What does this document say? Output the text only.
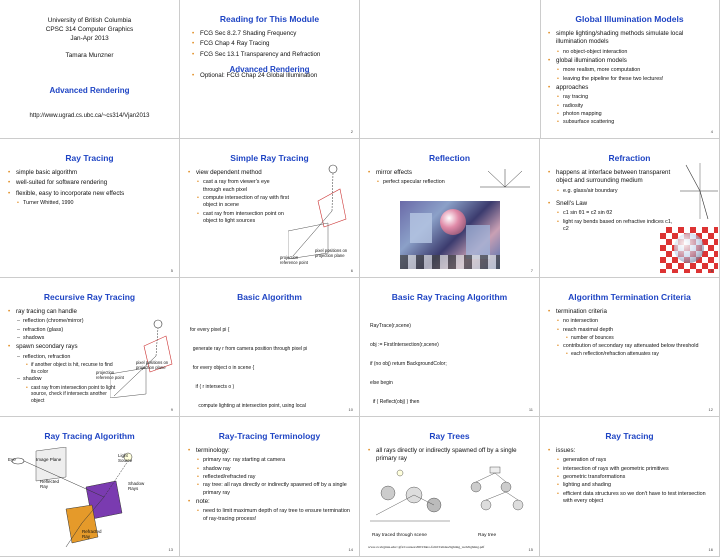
University of British Columbia
CPSC 314 Computer Graphics
Jan-Apr 2013
Tamara Munzner
Advanced Rendering
http://www.ugrad.cs.ubc.ca/~cs314/Vjan2013
Reading for This Module
• FCG Sec 8.2.7 Shading Frequency
• FCG Chap 4 Ray Tracing
• FCG Sec 13.1 Transparency and Refraction
Advanced Rendering
• Optional: FCG Chap 24 Global Illumination
2
Global Illumination Models
• simple lighting/shading methods simulate local illumination models
• no object-object interaction
• global illumination models
• more realism, more computation
• leaving the pipeline for these two lectures!
• approaches
• ray tracing
• radiosity
• photon mapping
• subsurface scattering
4
Ray Tracing
• simple basic algorithm
• well-suited for software rendering
• flexible, easy to incorporate new effects
• Turner Whitted, 1990
5
Simple Ray Tracing
• view dependent method
• cast a ray from viewer's eye through each pixel
• compute intersection of ray with first object in scene
• cast ray from intersection point on object to light sources
pixel positions on projection plane
projection reference point
6
Reflection
• mirror effects
• perfect specular reflection
7
Refraction
• happens at interface between transparent object and surrounding medium
• e.g. glass/air boundary
• Snell's Law
• c1 sin θ1 = c2 sin θ2
• light ray bends based on refractive indices c1, c2
8
Recursive Ray Tracing
• ray tracing can handle
– reflection (chrome/mirror)
– refraction (glass)
– shadows
• spawn secondary rays
– reflection, refraction
• if another object is hit, recurse to find its color
– shadow
• cast ray from intersection point to light source, check if intersects another object
pixel positions on projection plane
projection reference point
9
Basic Algorithm

for every pixel pi {

generate ray r from camera position through pixel pi

for every object o in scene {

if ( r intersects o )

compute lighting at intersection point, using local

10
Basic Ray Tracing Algorithm

RayTrace(r,scene)

obj := FirstIntersection(r,scene)

if (no obj) return BackgroundColor;

else begin

if ( Reflect(obj) ) then

11
Algorithm Termination Criteria
• termination criteria
• no intersection
• reach maximal depth
• number of bounces
• contribution of secondary ray attenuated below threshold
• each reflection/refraction attenuates ray
12
Ray Tracing Algorithm
Eye	Image Plane
Light Source
Shadow Rays
Reflected Ray
Refracted Ray
13
Ray-Tracing Terminology
• terminology:
• primary ray: ray starting at camera
• shadow ray
• reflected/refracted ray
• ray tree: all rays directly or indirectly spawned off by a single primary ray
• note:
• need to limit maximum depth of ray tree to ensure termination of ray-tracing process!
14
Ray Trees
• all rays directly or indirectly spawned off by a single primary ray
Ray traced through scene	Ray tree
www.cs.virginia.edu/~gfx/Courses/2003/Intro.fall.03/slides/lighting_web/lighting.pdf	15
Ray Tracing
• issues:
• generation of rays
• intersection of rays with geometric primitives
• geometric transformations
• lighting and shading
• efficient data structures so we don't have to test intersection with every object
16
